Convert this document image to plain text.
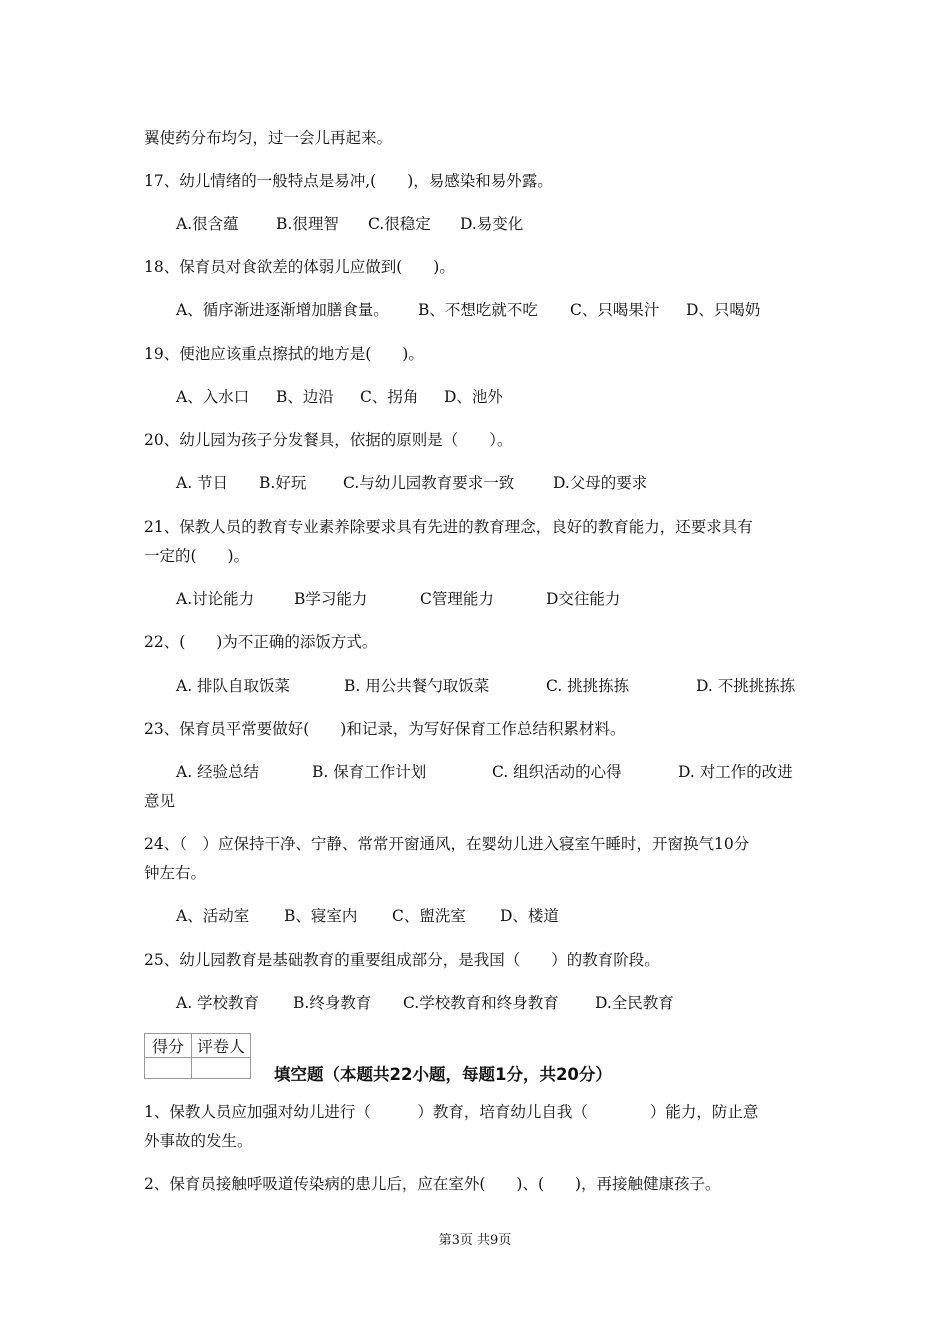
翼使药分布均匀，过一会儿再起来。
17、幼儿情绪的一般特点是易冲,(　　)，易感染和易外露。
A.很含蕴 B.很理智 C.很稳定 D.易变化
18、保育员对食欲差的体弱儿应做到(　　)。
A、循序渐进逐渐增加膳食量。 B、不想吃就不吃 C、只喝果汁 D、只喝奶
19、便池应该重点擦拭的地方是(　　)。
A、入水口 B、边沿 C、拐角 D、池外
20、幼儿园为孩子分发餐具，依据的原则是（　　）。
A. 节日 B.好玩 C.与幼儿园教育要求一致	D.父母的要求
21、保教人员的教育专业素养除要求具有先进的教育理念，良好的教育能力，还要求具有
一定的(　　)。
A.讨论能力	B学习能力	C管理能力	D交往能力
22、(　　)为不正确的添饭方式。
A. 排队自取饭菜	B. 用公共餐勺取饭菜	C. 挑挑拣拣	D. 不挑挑拣拣
23、保育员平常要做好(　　)和记录，为写好保育工作总结积累材料。
A. 经验总结	B. 保育工作计划	C. 组织活动的心得	D. 对工作的改进
意见
24、（　）应保持干净、宁静、常常开窗通风，在婴幼儿进入寝室午睡时，开窗换气10分
钟左右。
A、活动室 B、寝室内 C、盥洗室 D、楼道
25、幼儿园教育是基础教育的重要组成部分，是我国（　　）的教育阶段。
A. 学校教育 B.终身教育 C.学校教育和终身教育 D.全民教育
得分	评卷人

填空题（本题共22小题，每题1分，共20分）
1、保教人员应加强对幼儿进行（　　　）教育，培育幼儿自我（　　　　）能力，防止意
外事故的发生。
2、保育员接触呼吸道传染病的患儿后，应在室外(　　)、(　　)，再接触健康孩子。
第3页 共9页
